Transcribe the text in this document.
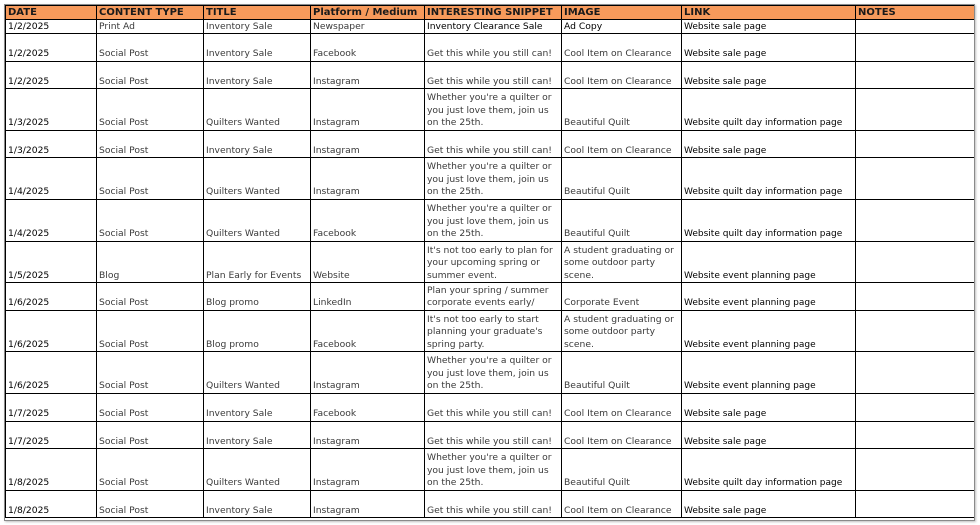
DATE	CONTENT TYPE	TITLE	Platform / Medium	INTERESTING SNIPPET	IMAGE	LINK	NOTES
1/2/2025	Print Ad	Inventory Sale	Newspaper	Inventory Clearance Sale	Ad Copy	Website sale page	
1/2/2025	Social Post	Inventory Sale	Facebook	Get this while you still can!	Cool Item on Clearance	Website sale page	
1/2/2025	Social Post	Inventory Sale	Instagram	Get this while you still can!	Cool Item on Clearance	Website sale page	
1/3/2025	Social Post	Quilters Wanted	Instagram	Whether you're a quilter or you just love them, join us on the 25th.	Beautiful Quilt	Website quilt day information page	
1/3/2025	Social Post	Inventory Sale	Instagram	Get this while you still can!	Cool Item on Clearance	Website sale page	
1/4/2025	Social Post	Quilters Wanted	Instagram	Whether you're a quilter or you just love them, join us on the 25th.	Beautiful Quilt	Website quilt day information page	
1/4/2025	Social Post	Quilters Wanted	Facebook	Whether you're a quilter or you just love them, join us on the 25th.	Beautiful Quilt	Website quilt day information page	
1/5/2025	Blog	Plan Early for Events	Website	It's not too early to plan for your upcoming spring or summer event.	A student graduating or some outdoor party scene.	Website event planning page	
1/6/2025	Social Post	Blog promo	LinkedIn	Plan your spring / summer corporate events early/	Corporate Event	Website event planning page	
1/6/2025	Social Post	Blog promo	Facebook	It's not too early to start planning your graduate's spring party.	A student graduating or some outdoor party scene.	Website event planning page	
1/6/2025	Social Post	Quilters Wanted	Instagram	Whether you're a quilter or you just love them, join us on the 25th.	Beautiful Quilt	Website event planning page	
1/7/2025	Social Post	Inventory Sale	Facebook	Get this while you still can!	Cool Item on Clearance	Website sale page	
1/7/2025	Social Post	Inventory Sale	Instagram	Get this while you still can!	Cool Item on Clearance	Website sale page	
1/8/2025	Social Post	Quilters Wanted	Instagram	Whether you're a quilter or you just love them, join us on the 25th.	Beautiful Quilt	Website quilt day information page	
1/8/2025	Social Post	Inventory Sale	Instagram	Get this while you still can!	Cool Item on Clearance	Website sale page	
